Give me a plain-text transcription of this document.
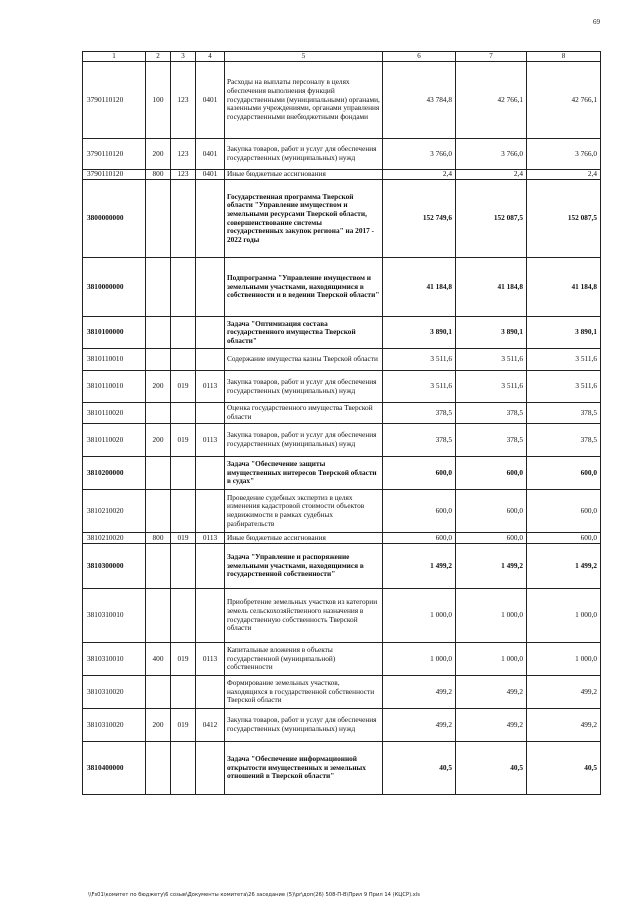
69
1	2	3	4	5	6	7	8
3790110120	100	123	0401	Расходы на выплаты персоналу в целях обеспечения выполнения функций государственными (муниципальными) органами, казенными учреждениями, органами управления государственными внебюджетными фондами	43 784,8	42 766,1	42 766,1
3790110120	200	123	0401	Закупка товаров, работ и услуг для обеспечения государственных (муниципальных) нужд	3 766,0	3 766,0	3 766,0
3790110120	800	123	0401	Иные бюджетные ассигнования	2,4	2,4	2,4
3800000000				Государственная программа Тверской области "Управление имуществом и земельными ресурсами Тверской области, совершенствование системы государственных закупок региона" на 2017 - 2022 годы	152 749,6	152 087,5	152 087,5
3810000000				Подпрограмма "Управление имуществом и земельными участками, находящимися в собственности и в ведении Тверской области"	41 184,8	41 184,8	41 184,8
3810100000				Задача "Оптимизация состава государственного имущества Тверской области"	3 890,1	3 890,1	3 890,1
3810110010				Содержание имущества казны Тверской области	3 511,6	3 511,6	3 511,6
3810110010	200	019	0113	Закупка товаров, работ и услуг для обеспечения государственных (муниципальных) нужд	3 511,6	3 511,6	3 511,6
3810110020				Оценка государственного имущества Тверской области	378,5	378,5	378,5
3810110020	200	019	0113	Закупка товаров, работ и услуг для обеспечения государственных (муниципальных) нужд	378,5	378,5	378,5
3810200000				Задача "Обеспечение защиты имущественных интересов Тверской области в судах"	600,0	600,0	600,0
3810210020				Проведение судебных экспертиз в целях изменения кадастровой стоимости объектов недвижимости в рамках судебных разбирательств	600,0	600,0	600,0
3810210020	800	019	0113	Иные бюджетные ассигнования	600,0	600,0	600,0
3810300000				Задача "Управление и распоряжение земельными участками, находящимися в государственной собственности"	1 499,2	1 499,2	1 499,2
3810310010				Приобретение земельных участков из категории земель сельскохозяйственного назначения в государственную собственность Тверской области	1 000,0	1 000,0	1 000,0
3810310010	400	019	0113	Капитальные вложения в объекты государственной (муниципальной) собственности	1 000,0	1 000,0	1 000,0
3810310020				Формирование земельных участков, находящихся в государственной собственности Тверской области	499,2	499,2	499,2
3810310020	200	019	0412	Закупка товаров, работ и услуг для обеспечения государственных (муниципальных) нужд	499,2	499,2	499,2
3810400000				Задача "Обеспечение информационной открытости имущественных и земельных отношений в Тверской области"	40,5	40,5	40,5
\\Fs01\комитет по бюджету\6 созыв\Документы комитета\26 заседание (5)\pr\доп(26) 508-П-В\Прил 9 Прил 14 (КЦСР).xls
